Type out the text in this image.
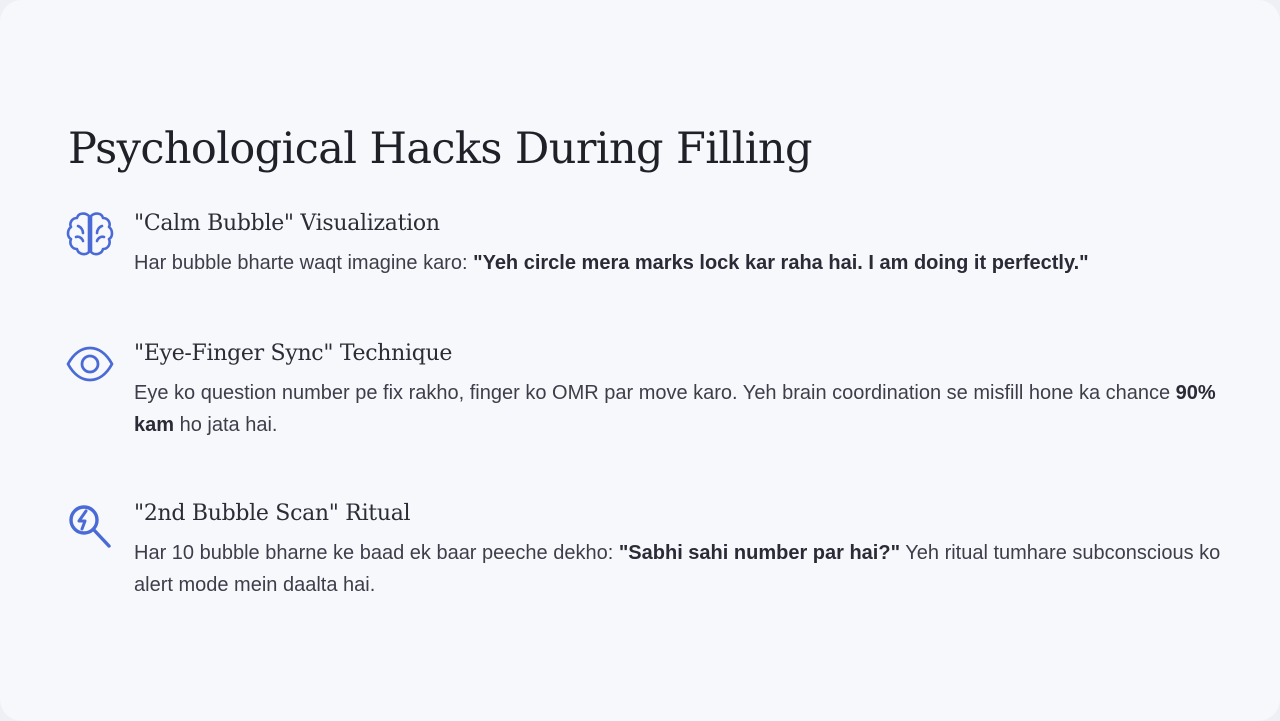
Psychological Hacks During Filling

"Calm Bubble" Visualization

Har bubble bharte waqt imagine karo: "Yeh circle mera marks lock kar raha hai. I am doing it perfectly."

"Eye-Finger Sync" Technique

Eye ko question number pe fix rakho, finger ko OMR par move karo. Yeh brain coordination se misfill hone ka chance 90% kam ho jata hai.

"2nd Bubble Scan" Ritual

Har 10 bubble bharne ke baad ek baar peeche dekho: "Sabhi sahi number par hai?" Yeh ritual tumhare subconscious ko alert mode mein daalta hai.
